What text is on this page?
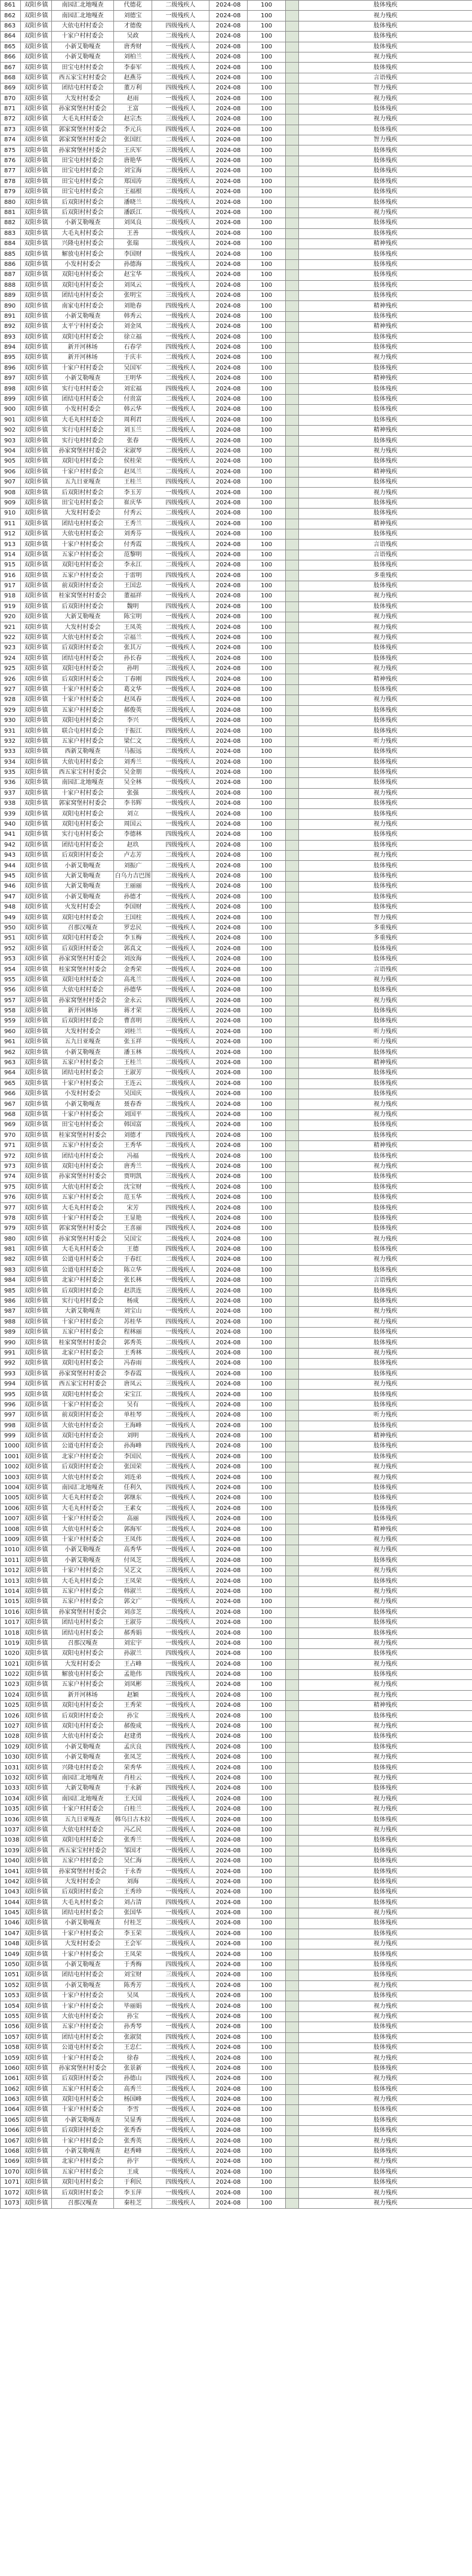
861	双阳乡镇	南园汇北地嘎查	代德花	二级残疾人	2024-08	100		肢体残疾
862	双阳乡镇	南园汇北地嘎查	刘德宝	一级残疾人	2024-08	100		视力残疾
863	双阳乡镇	大依屯村村委会	才德俊	四级残疾人	2024-08	100		肢体残疾
864	双阳乡镇	十家户村村委会	吴政	二级残疾人	2024-08	100		肢体残疾
865	双阳乡镇	小新艾勒嘎查	唐秀财	一级残疾人	2024-08	100		肢体残疾
866	双阳乡镇	小新艾勒嘎查	刘柏兰	二级残疾人	2024-08	100		视力残疾
867	双阳乡镇	田宝屯村村委会	李泰军	二级残疾人	2024-08	100		肢体残疾
868	双阳乡镇	西五家宝村村委会	赵燕芬	二级残疾人	2024-08	100		言语残疾
869	双阳乡镇	团结屯村村委会	董万利	四级残疾人	2024-08	100		智力残疾
870	双阳乡镇	大发村村委会	赵雨	一级残疾人	2024-08	100		视力残疾
871	双阳乡镇	孙家窝堡村村委会	王富	一级残疾人	2024-08	100		肢体残疾
872	双阳乡镇	大毛丸村村委会	赵宗杰	三级残疾人	2024-08	100		视力残疾
873	双阳乡镇	郭家窝堡村村委会	李元兵	四级残疾人	2024-08	100		肢体残疾
874	双阳乡镇	郭家窝堡村村委会	张国红	二级残疾人	2024-08	100		智力残疾
875	双阳乡镇	孙家窝堡村村委会	王庆军	三级残疾人	2024-08	100		肢体残疾
876	双阳乡镇	田宝屯村村委会	唐艳华	一级残疾人	2024-08	100		肢体残疾
877	双阳乡镇	田宝屯村村委会	刘宝海	二级残疾人	2024-08	100		肢体残疾
878	双阳乡镇	田宝屯村村委会	郑国涛	三级残疾人	2024-08	100		肢体残疾
879	双阳乡镇	田宝屯村村委会	王福根	二级残疾人	2024-08	100		肢体残疾
880	双阳乡镇	后双阳村村委会	潘晓兰	二级残疾人	2024-08	100		肢体残疾
881	双阳乡镇	后双阳村村委会	潘跃江	一级残疾人	2024-08	100		视力残疾
882	双阳乡镇	小新艾勒嘎查	刘凤良	二级残疾人	2024-08	100		肢体残疾
883	双阳乡镇	大毛丸村村委会	王善	一级残疾人	2024-08	100		肢体残疾
884	双阳乡镇	兴隆屯村村委会	张瑞	二级残疾人	2024-08	100		精神残疾
885	双阳乡镇	解放屯村村委会	李国财	一级残疾人	2024-08	100		肢体残疾
886	双阳乡镇	小发村村委会	孙德海	二级残疾人	2024-08	100		肢体残疾
887	双阳乡镇	双阳屯村村委会	赵宝华	二级残疾人	2024-08	100		肢体残疾
888	双阳乡镇	双阳屯村村委会	刘凤云	一级残疾人	2024-08	100		肢体残疾
889	双阳乡镇	团结屯村村委会	张明宝	三级残疾人	2024-08	100		肢体残疾
890	双阳乡镇	南家屯村村委会	刘艳春	四级残疾人	2024-08	100		精神残疾
891	双阳乡镇	小新艾勒嘎查	韩秀云	一级残疾人	2024-08	100		肢体残疾
892	双阳乡镇	太平宁村村委会	刘金凤	二级残疾人	2024-08	100		精神残疾
893	双阳乡镇	双阳屯村村委会	徐立福	一级残疾人	2024-08	100		肢体残疾
894	双阳乡镇	新开河林场	石春学	四级残疾人	2024-08	100		肢体残疾
895	双阳乡镇	新开河林场	于庆丰	二级残疾人	2024-08	100		视力残疾
896	双阳乡镇	十家户村村委会	吴国军	二级残疾人	2024-08	100		肢体残疾
897	双阳乡镇	小新艾勒嘎查	王明华	二级残疾人	2024-08	100		精神残疾
898	双阳乡镇	实行屯村村委会	刘宏福	四级残疾人	2024-08	100		肢体残疾
899	双阳乡镇	团结屯村村委会	付贵富	二级残疾人	2024-08	100		肢体残疾
900	双阳乡镇	小发村村委会	韩云华	一级残疾人	2024-08	100		肢体残疾
901	双阳乡镇	大毛丸村村委会	周利君	三级残疾人	2024-08	100		肢体残疾
902	双阳乡镇	实行屯村村委会	刘玉兰	二级残疾人	2024-08	100		精神残疾
903	双阳乡镇	实行屯村村委会	张春	一级残疾人	2024-08	100		肢体残疾
904	双阳乡镇	孙家窝堡村村委会	宋淑琴	二级残疾人	2024-08	100		视力残疾
905	双阳乡镇	双阳屯村村委会	侯桂荣	一级残疾人	2024-08	100		肢体残疾
906	双阳乡镇	十家户村村委会	赵凤兰	二级残疾人	2024-08	100		精神残疾
907	双阳乡镇	五九日亚嘎查	王桂兰	四级残疾人	2024-08	100		肢体残疾
908	双阳乡镇	后双阳村村委会	李玉芳	一级残疾人	2024-08	100		视力残疾
909	双阳乡镇	田宝屯村村委会	崔庆华	四级残疾人	2024-08	100		肢体残疾
910	双阳乡镇	大发村村委会	付秀云	二级残疾人	2024-08	100		肢体残疾
911	双阳乡镇	团结屯村村委会	王秀兰	二级残疾人	2024-08	100		精神残疾
912	双阳乡镇	大依屯村村委会	刘秀芬	一级残疾人	2024-08	100		肢体残疾
913	双阳乡镇	十家户村村委会	付秀霞	二级残疾人	2024-08	100		言语残疾
914	双阳乡镇	五家户村村委会	范黎明	一级残疾人	2024-08	100		言语残疾
915	双阳乡镇	双阳屯村村委会	李永江	二级残疾人	2024-08	100		肢体残疾
916	双阳乡镇	五家户村村委会	于雷明	四级残疾人	2024-08	100		多重残疾
917	双阳乡镇	前双阳村村委会	王国忠	一级残疾人	2024-08	100		肢体残疾
918	双阳乡镇	桂家窝堡村村委会	董福祥	一级残疾人	2024-08	100		视力残疾
919	双阳乡镇	后双阳村村委会	魏明	四级残疾人	2024-08	100		肢体残疾
920	双阳乡镇	大新艾勒嘎查	陈宝明	一级残疾人	2024-08	100		视力残疾
921	双阳乡镇	大发村村委会	王凤英	二级残疾人	2024-08	100		视力残疾
922	双阳乡镇	大依屯村村委会	宗福兰	一级残疾人	2024-08	100		视力残疾
923	双阳乡镇	后双阳村村委会	张其万	一级残疾人	2024-08	100		肢体残疾
924	双阳乡镇	团结屯村村委会	孙长春	二级残疾人	2024-08	100		肢体残疾
925	双阳乡镇	双阳屯村村委会	孙明	三级残疾人	2024-08	100		视力残疾
926	双阳乡镇	后双阳村村委会	丁春刚	四级残疾人	2024-08	100		精神残疾
927	双阳乡镇	十家户村村委会	葛文华	一级残疾人	2024-08	100		肢体残疾
928	双阳乡镇	十家户村村委会	赵凤春	二级残疾人	2024-08	100		视力残疾
929	双阳乡镇	五家户村村委会	郝俊英	三级残疾人	2024-08	100		肢体残疾
930	双阳乡镇	双阳屯村村委会	李兴	一级残疾人	2024-08	100		肢体残疾
931	双阳乡镇	联合屯村村委会	于振江	四级残疾人	2024-08	100		肢体残疾
932	双阳乡镇	五家户村村委会	梁仁文	二级残疾人	2024-08	100		听力残疾
933	双阳乡镇	西新艾勒嘎查	马振远	二级残疾人	2024-08	100		肢体残疾
934	双阳乡镇	大依屯村村委会	刘秀兰	一级残疾人	2024-08	100		肢体残疾
935	双阳乡镇	西五家宝村村委会	吴金朋	一级残疾人	2024-08	100		肢体残疾
936	双阳乡镇	南园汇北地嘎查	吴全林	一级残疾人	2024-08	100		肢体残疾
937	双阳乡镇	十家户村村委会	张强	二级残疾人	2024-08	100		视力残疾
938	双阳乡镇	郭家窝堡村村委会	李书辉	一级残疾人	2024-08	100		肢体残疾
939	双阳乡镇	双阳屯村村委会	刘立	一级残疾人	2024-08	100		肢体残疾
940	双阳乡镇	双阳屯村村委会	周国云	一级残疾人	2024-08	100		视力残疾
941	双阳乡镇	实行屯村村委会	李德林	四级残疾人	2024-08	100		肢体残疾
942	双阳乡镇	团结屯村村委会	赵玖	四级残疾人	2024-08	100		肢体残疾
943	双阳乡镇	后双阳村村委会	卢志芳	二级残疾人	2024-08	100		视力残疾
944	双阳乡镇	小新艾勒嘎查	刘振广	二级残疾人	2024-08	100		肢体残疾
945	双阳乡镇	大新艾勒嘎查	白乌力吉巴图	二级残疾人	2024-08	100		肢体残疾
946	双阳乡镇	大新艾勒嘎查	王丽丽	一级残疾人	2024-08	100		肢体残疾
947	双阳乡镇	小新艾勒嘎查	孙德才	一级残疾人	2024-08	100		肢体残疾
948	双阳乡镇	火发村村委会	李国财	二级残疾人	2024-08	100		肢体残疾
949	双阳乡镇	双阳屯村村委会	王国柱	二级残疾人	2024-08	100		智力残疾
950	双阳乡镇	召那汉嘎查	罗忠民	一级残疾人	2024-08	100		多重残疾
951	双阳乡镇	双阳屯村村委会	李玉梅	二级残疾人	2024-08	100		多重残疾
952	双阳乡镇	后双阳村村委会	郭真文	一级残疾人	2024-08	100		肢体残疾
953	双阳乡镇	孙家窝堡村村委会	刘汝海	一级残疾人	2024-08	100		肢体残疾
954	双阳乡镇	桂家窝堡村村委会	金秀荣	一级残疾人	2024-08	100		言语残疾
955	双阳乡镇	双阳屯村村委会	高兆兰	二级残疾人	2024-08	100		视力残疾
956	双阳乡镇	大依屯村村委会	孙德华	一级残疾人	2024-08	100		肢体残疾
957	双阳乡镇	孙家窝堡村村委会	金永云	四级残疾人	2024-08	100		视力残疾
958	双阳乡镇	新开河林场	蒋才荣	二级残疾人	2024-08	100		肢体残疾
959	双阳乡镇	后双阳村村委会	曹喜明	三级残疾人	2024-08	100		肢体残疾
960	双阳乡镇	大发村村委会	刘桂兰	一级残疾人	2024-08	100		听力残疾
961	双阳乡镇	五九日亚嘎查	张玉祥	一级残疾人	2024-08	100		听力残疾
962	双阳乡镇	小新艾勒嘎查	潘玉林	二级残疾人	2024-08	100		肢体残疾
963	双阳乡镇	五家户村村委会	王桂兰	二级残疾人	2024-08	100		精神残疾
964	双阳乡镇	团结屯村村委会	王淑芳	一级残疾人	2024-08	100		肢体残疾
965	双阳乡镇	十家户村村委会	王连云	二级残疾人	2024-08	100		肢体残疾
966	双阳乡镇	小发村村委会	吴国庆	一级残疾人	2024-08	100		肢体残疾
967	双阳乡镇	小新艾勒嘎查	聂春香	二级残疾人	2024-08	100		视力残疾
968	双阳乡镇	十家户村村委会	刘国平	二级残疾人	2024-08	100		视力残疾
969	双阳乡镇	田宝屯村村委会	韩国富	二级残疾人	2024-08	100		肢体残疾
970	双阳乡镇	桂家窝堡村村委会	刘德才	四级残疾人	2024-08	100		肢体残疾
971	双阳乡镇	五家户村村委会	王秀华	二级残疾人	2024-08	100		精神残疾
972	双阳乡镇	团结屯村村委会	冯福	一级残疾人	2024-08	100		肢体残疾
973	双阳乡镇	双阳屯村村委会	唐秀兰	一级残疾人	2024-08	100		视力残疾
974	双阳乡镇	孙家窝堡村村委会	贾明凯	三级残疾人	2024-08	100		肢体残疾
975	双阳乡镇	大依屯村村委会	沈宝财	一级残疾人	2024-08	100		肢体残疾
976	双阳乡镇	五家户村村委会	范玉华	二级残疾人	2024-08	100		肢体残疾
977	双阳乡镇	大毛丸村村委会	宋芳	四级残疾人	2024-08	100		肢体残疾
978	双阳乡镇	十家户村村委会	王显艳	一级残疾人	2024-08	100		肢体残疾
979	双阳乡镇	郭家窝堡村村委会	王喜丽	四级残疾人	2024-08	100		肢体残疾
980	双阳乡镇	孙家窝堡村村委会	吴国宝	二级残疾人	2024-08	100		视力残疾
981	双阳乡镇	大毛丸村村委会	王德	四级残疾人	2024-08	100		肢体残疾
982	双阳乡镇	公道屯村村委会	于春红	二级残疾人	2024-08	100		视力残疾
983	双阳乡镇	公道屯村村委会	陈立华	二级残疾人	2024-08	100		肢体残疾
984	双阳乡镇	北家户村村委会	张长林	一级残疾人	2024-08	100		言语残疾
985	双阳乡镇	后双阳村村委会	赵洪连	三级残疾人	2024-08	100		肢体残疾
986	双阳乡镇	实行屯村村委会	杨成	二级残疾人	2024-08	100		肢体残疾
987	双阳乡镇	大新艾勒嘎查	刘宝山	一级残疾人	2024-08	100		视力残疾
988	双阳乡镇	十家户村村委会	苏桂华	四级残疾人	2024-08	100		视力残疾
989	双阳乡镇	五家户村村委会	程林丽	一级残疾人	2024-08	100		肢体残疾
990	双阳乡镇	桂家窝堡村村委会	郭秀英	二级残疾人	2024-08	100		肢体残疾
991	双阳乡镇	北家户村村委会	王秀林	二级残疾人	2024-08	100		视力残疾
992	双阳乡镇	双阳屯村村委会	冯春雨	二级残疾人	2024-08	100		肢体残疾
993	双阳乡镇	孙家窝堡村村委会	李春霞	一级残疾人	2024-08	100		肢体残疾
994	双阳乡镇	西五家宝村村委会	唐凤云	三级残疾人	2024-08	100		视力残疾
995	双阳乡镇	双阳屯村村委会	宋宝江	二级残疾人	2024-08	100		肢体残疾
996	双阳乡镇	十家户村村委会	吴有	一级残疾人	2024-08	100		肢体残疾
997	双阳乡镇	前双阳村村委会	单桂琴	二级残疾人	2024-08	100		听力残疾
998	双阳乡镇	大依屯村村委会	王海峰	一级残疾人	2024-08	100		肢体残疾
999	双阳乡镇	双阳屯村村委会	刘明	二级残疾人	2024-08	100		精神残疾
1000	双阳乡镇	公道屯村村委会	孙海峰	四级残疾人	2024-08	100		肢体残疾
1001	双阳乡镇	北家户村村委会	李国民	一级残疾人	2024-08	100		肢体残疾
1002	双阳乡镇	后双阳村村委会	张国荣	二级残疾人	2024-08	100		视力残疾
1003	双阳乡镇	大依屯村村委会	刘连弟	一级残疾人	2024-08	100		视力残疾
1004	双阳乡镇	南园汇北地嘎查	任利久	四级残疾人	2024-08	100		肢体残疾
1005	双阳乡镇	大毛丸村村委会	郭继东	一级残疾人	2024-08	100		肢体残疾
1006	双阳乡镇	大毛丸村村委会	王素女	二级残疾人	2024-08	100		肢体残疾
1007	双阳乡镇	十家户村村委会	高丽	四级残疾人	2024-08	100		肢体残疾
1008	双阳乡镇	大依屯村村委会	郭海军	二级残疾人	2024-08	100		精神残疾
1009	双阳乡镇	十家户村村委会	王凤伟	二级残疾人	2024-08	100		视力残疾
1010	双阳乡镇	小新艾勒嘎查	高秀华	一级残疾人	2024-08	100		视力残疾
1011	双阳乡镇	小新艾勒嘎查	付凤芝	二级残疾人	2024-08	100		肢体残疾
1012	双阳乡镇	十家户村村委会	吴艺文	三级残疾人	2024-08	100		视力残疾
1013	双阳乡镇	大毛丸村村委会	王凤荣	一级残疾人	2024-08	100		肢体残疾
1014	双阳乡镇	五家户村村委会	韩淑兰	二级残疾人	2024-08	100		视力残疾
1015	双阳乡镇	五家户村村委会	郭文广	一级残疾人	2024-08	100		视力残疾
1016	双阳乡镇	孙家窝堡村村委会	刘彦芝	二级残疾人	2024-08	100		肢体残疾
1017	双阳乡镇	团结屯村村委会	王淑芬	二级残疾人	2024-08	100		肢体残疾
1018	双阳乡镇	团结屯村村委会	郝秀娟	一级残疾人	2024-08	100		肢体残疾
1019	双阳乡镇	召那汉嘎查	刘宏宇	一级残疾人	2024-08	100		视力残疾
1020	双阳乡镇	双阳屯村村委会	孙淑兰	四级残疾人	2024-08	100		肢体残疾
1021	双阳乡镇	大发村村委会	王占峰	一级残疾人	2024-08	100		视力残疾
1022	双阳乡镇	解放屯村村委会	孟艳伟	四级残疾人	2024-08	100		肢体残疾
1023	双阳乡镇	五家户村村委会	刘凤彬	三级残疾人	2024-08	100		视力残疾
1024	双阳乡镇	新开河林场	赵颖	二级残疾人	2024-08	100		视力残疾
1025	双阳乡镇	双阳屯村村委会	王秀荣	一级残疾人	2024-08	100		精神残疾
1026	双阳乡镇	后双阳村村委会	孙宝	三级残疾人	2024-08	100		肢体残疾
1027	双阳乡镇	双阳屯村村委会	郝俊成	一级残疾人	2024-08	100		视力残疾
1028	双阳乡镇	大依屯村村委会	赵建勇	一级残疾人	2024-08	100		肢体残疾
1029	双阳乡镇	小新艾勒嘎查	孟庆良	四级残疾人	2024-08	100		肢体残疾
1030	双阳乡镇	小新艾勒嘎查	张凤芝	二级残疾人	2024-08	100		视力残疾
1031	双阳乡镇	兴隆屯村村委会	荣秀华	三级残疾人	2024-08	100		肢体残疾
1032	双阳乡镇	南园汇北地嘎查	肖桂云	一级残疾人	2024-08	100		视力残疾
1033	双阳乡镇	大新艾勒嘎查	于永新	四级残疾人	2024-08	100		肢体残疾
1034	双阳乡镇	南园汇北地嘎查	王天国	二级残疾人	2024-08	100		视力残疾
1035	双阳乡镇	十家户村村委会	白桂兰	二级残疾人	2024-08	100		视力残疾
1036	双阳乡镇	五九日亚嘎查	韩乌日古木拉	一级残疾人	2024-08	100		肢体残疾
1037	双阳乡镇	大依屯村村委会	冯乙民	二级残疾人	2024-08	100		视力残疾
1038	双阳乡镇	双阳屯村村委会	张秀兰	一级残疾人	2024-08	100		肢体残疾
1039	双阳乡镇	西五家宝村村委会	邹国才	一级残疾人	2024-08	100		肢体残疾
1040	双阳乡镇	五家户村村委会	吴仁海	二级残疾人	2024-08	100		肢体残疾
1041	双阳乡镇	孙家窝堡村村委会	于永香	一级残疾人	2024-08	100		肢体残疾
1042	双阳乡镇	大发村村委会	刘海	二级残疾人	2024-08	100		肢体残疾
1043	双阳乡镇	后双阳村村委会	王秀珍	一级残疾人	2024-08	100		肢体残疾
1044	双阳乡镇	大毛丸村村委会	刘占清	四级残疾人	2024-08	100		肢体残疾
1045	双阳乡镇	团结屯村村委会	张国华	一级残疾人	2024-08	100		视力残疾
1046	双阳乡镇	小新艾勒嘎查	付桂芝	二级残疾人	2024-08	100		肢体残疾
1047	双阳乡镇	十家户村村委会	李玉荣	二级残疾人	2024-08	100		肢体残疾
1048	双阳乡镇	大发村村委会	王会军	二级残疾人	2024-08	100		视力残疾
1049	双阳乡镇	十家户村村委会	王凤荣	一级残疾人	2024-08	100		肢体残疾
1050	双阳乡镇	小新艾勒嘎查	于秀梅	四级残疾人	2024-08	100		肢体残疾
1051	双阳乡镇	团结屯村村委会	刘宝财	三级残疾人	2024-08	100		肢体残疾
1052	双阳乡镇	小新艾勒嘎查	陈秀芳	二级残疾人	2024-08	100		视力残疾
1053	双阳乡镇	十家户村村委会	吴凤	二级残疾人	2024-08	100		肢体残疾
1054	双阳乡镇	十家户村村委会	毕丽娟	一级残疾人	2024-08	100		视力残疾
1055	双阳乡镇	大依屯村村委会	孙宝	一级残疾人	2024-08	100		视力残疾
1056	双阳乡镇	五家户村村委会	孙秀琴	一级残疾人	2024-08	100		肢体残疾
1057	双阳乡镇	团结屯村村委会	张淑贤	四级残疾人	2024-08	100		肢体残疾
1058	双阳乡镇	公道屯村村委会	王忠仁	二级残疾人	2024-08	100		肢体残疾
1059	双阳乡镇	十家户村村委会	徐春	二级残疾人	2024-08	100		视力残疾
1060	双阳乡镇	孙家窝堡村村委会	张景新	一级残疾人	2024-08	100		肢体残疾
1061	双阳乡镇	后双阳村村委会	孙德山	四级残疾人	2024-08	100		视力残疾
1062	双阳乡镇	五家户村村委会	高秀兰	二级残疾人	2024-08	100		肢体残疾
1063	双阳乡镇	双阳屯村村委会	杨国峰	一级残疾人	2024-08	100		视力残疾
1064	双阳乡镇	十家户村村委会	李雪	一级残疾人	2024-08	100		肢体残疾
1065	双阳乡镇	小新艾勒嘎查	吴显秀	二级残疾人	2024-08	100		肢体残疾
1066	双阳乡镇	后双阳村村委会	张秀香	一级残疾人	2024-08	100		肢体残疾
1067	双阳乡镇	十家户村村委会	张秀英	二级残疾人	2024-08	100		视力残疾
1068	双阳乡镇	小新艾勒嘎查	赵秀峰	二级残疾人	2024-08	100		肢体残疾
1069	双阳乡镇	北家户村村委会	孙宇	一级残疾人	2024-08	100		视力残疾
1070	双阳乡镇	五家户村村委会	王成	一级残疾人	2024-08	100		肢体残疾
1071	双阳乡镇	双阳屯村村委会	于利民	四级残疾人	2024-08	100		肢体残疾
1072	双阳乡镇	后双阳村村委会	李玉萍	一级残疾人	2024-08	100		视力残疾
1073	双阳乡镇	召那汉嘎查	秦桂芝	二级残疾人	2024-08	100		视力残疾
